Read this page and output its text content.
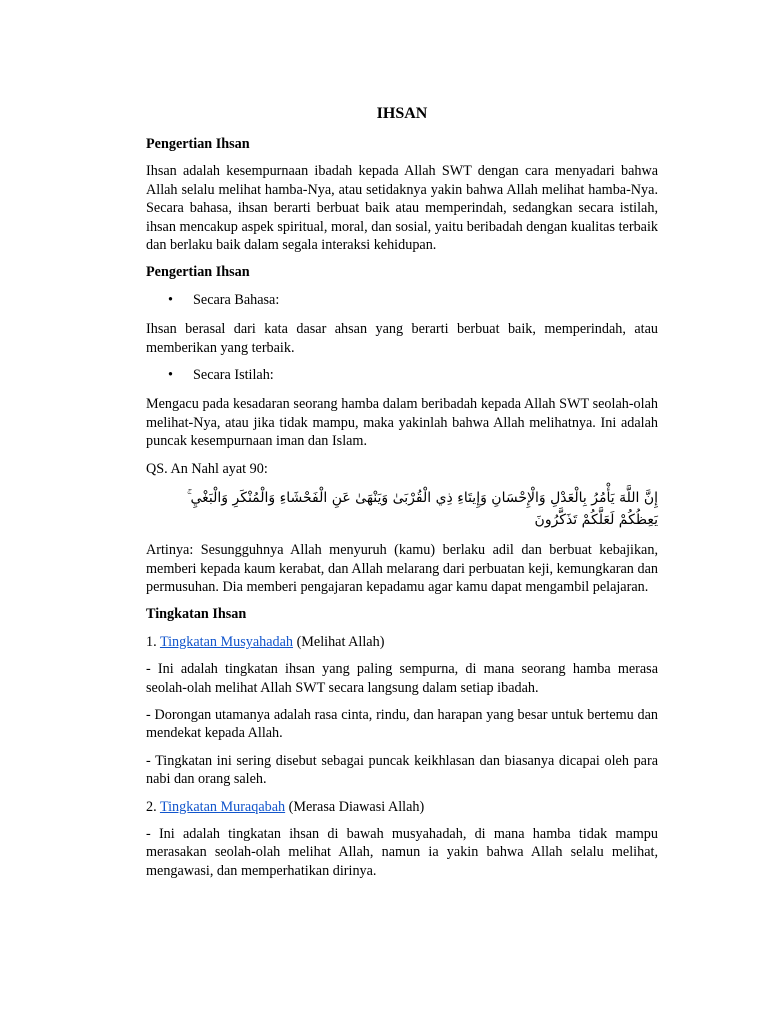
IHSAN
Pengertian Ihsan

Ihsan adalah kesempurnaan ibadah kepada Allah SWT dengan cara menyadari bahwa Allah selalu melihat hamba-Nya, atau setidaknya yakin bahwa Allah melihat hamba-Nya. Secara bahasa, ihsan berarti berbuat baik atau memperindah, sedangkan secara istilah, ihsan mencakup aspek spiritual, moral, dan sosial, yaitu beribadah dengan kualitas terbaik dan berlaku baik dalam segala interaksi kehidupan.

Pengertian Ihsan
• Secara Bahasa:

Ihsan berasal dari kata dasar ahsan yang berarti berbuat baik, memperindah, atau memberikan yang terbaik.

• Secara Istilah:

Mengacu pada kesadaran seorang hamba dalam beribadah kepada Allah SWT seolah-olah melihat-Nya, atau jika tidak mampu, maka yakinlah bahwa Allah melihatnya. Ini adalah puncak kesempurnaan iman dan Islam.

QS. An Nahl ayat 90:

إِنَّ اللَّهَ يَأْمُرُ بِالْعَدْلِ وَالْإِحْسَانِ وَإِيتَاءِ ذِي الْقُرْبَىٰ وَيَنْهَىٰ عَنِ الْفَحْشَاءِ وَالْمُنْكَرِ وَالْبَغْيِ ۚ يَعِظُكُمْ لَعَلَّكُمْ تَذَكَّرُونَ

Artinya: Sesungguhnya Allah menyuruh (kamu) berlaku adil dan berbuat kebajikan, memberi kepada kaum kerabat, dan Allah melarang dari perbuatan keji, kemungkaran dan permusuhan. Dia memberi pengajaran kepadamu agar kamu dapat mengambil pelajaran.

Tingkatan Ihsan

1. Tingkatan Musyahadah (Melihat Allah)

- Ini adalah tingkatan ihsan yang paling sempurna, di mana seorang hamba merasa seolah-olah melihat Allah SWT secara langsung dalam setiap ibadah.

- Dorongan utamanya adalah rasa cinta, rindu, dan harapan yang besar untuk bertemu dan mendekat kepada Allah.

- Tingkatan ini sering disebut sebagai puncak keikhlasan dan biasanya dicapai oleh para nabi dan orang saleh.

2. Tingkatan Muraqabah (Merasa Diawasi Allah)

- Ini adalah tingkatan ihsan di bawah musyahadah, di mana hamba tidak mampu merasakan seolah-olah melihat Allah, namun ia yakin bahwa Allah selalu melihat, mengawasi, dan memperhatikan dirinya.
